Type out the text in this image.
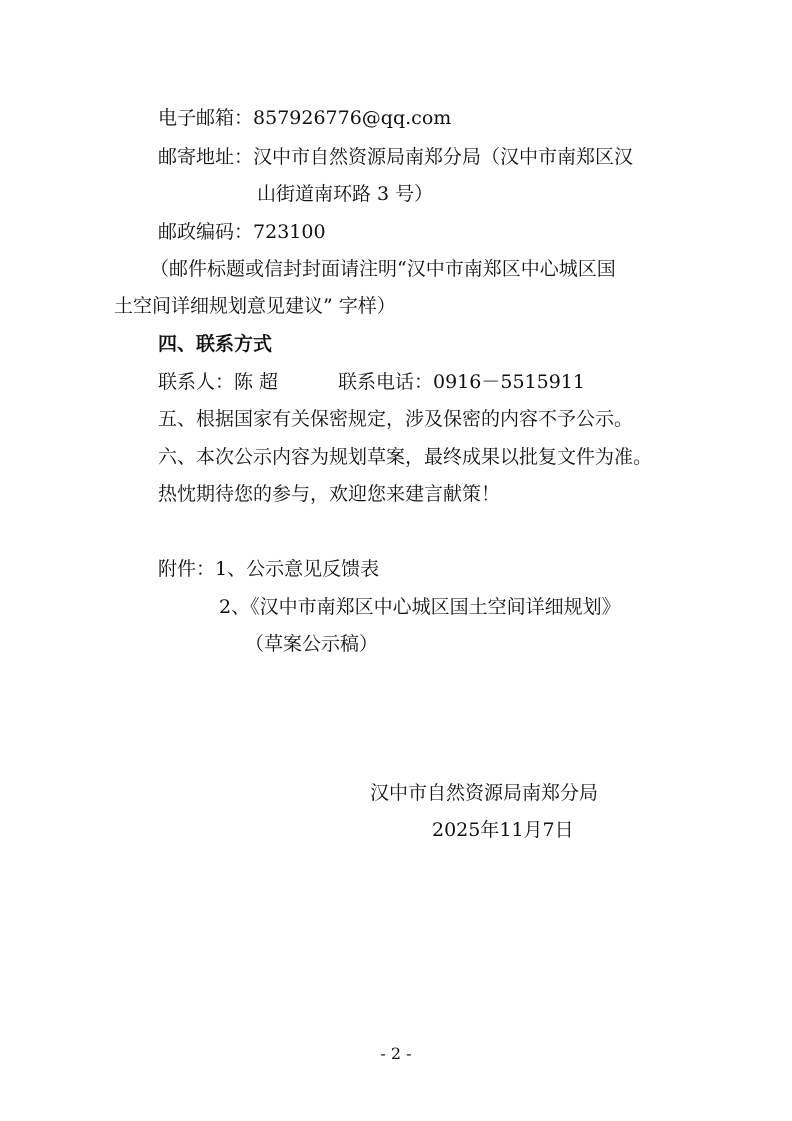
电子邮箱：857926776@qq.com
邮寄地址：汉中市自然资源局南郑分局（汉中市南郑区汉
山街道南环路 3 号）
邮政编码：723100
（邮件标题或信封封面请注明“汉中市南郑区中心城区国
土空间详细规划意见建议” 字样）
四、联系方式
联系人：陈 超	联系电话：0916－5515911
五、根据国家有关保密规定，涉及保密的内容不予公示。
六、本次公示内容为规划草案，最终成果以批复文件为准。
热忱期待您的参与，欢迎您来建言献策！
附件：1、公示意见反馈表
2、《汉中市南郑区中心城区国土空间详细规划》
（草案公示稿）
汉中市自然资源局南郑分局
2025年11月7日
- 2 -
